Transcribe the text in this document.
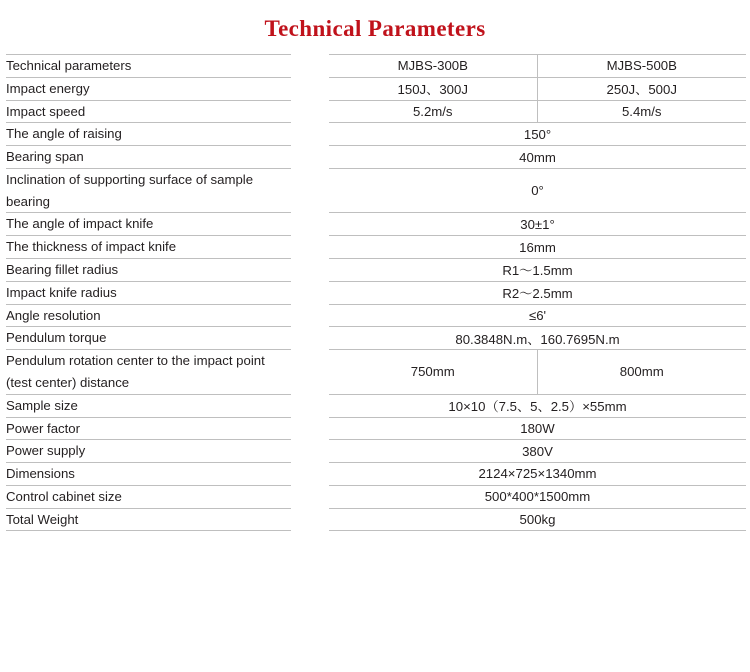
Technical Parameters
Technical parameters		MJBS-300B	MJBS-500B
Impact energy		150J、300J	250J、500J
Impact speed		5.2m/s	5.4m/s
The angle of raising		150°	
Bearing span		40mm	
Inclination of supporting surface of sample bearing		0°	
The angle of impact knife		30±1°	
The thickness of impact knife		16mm	
Bearing fillet radius		R1～1.5mm	
Impact knife radius		R2～2.5mm	
Angle resolution		≤6'	
Pendulum torque		80.3848N.m、160.7695N.m	
Pendulum rotation center to the impact point (test center) distance		750mm	800mm
Sample size		10×10（7.5、5、2.5）×55mm	
Power factor		180W	
Power supply		380V	
Dimensions		2124×725×1340mm	
Control cabinet size		500*400*1500mm	
Total Weight		500kg	
